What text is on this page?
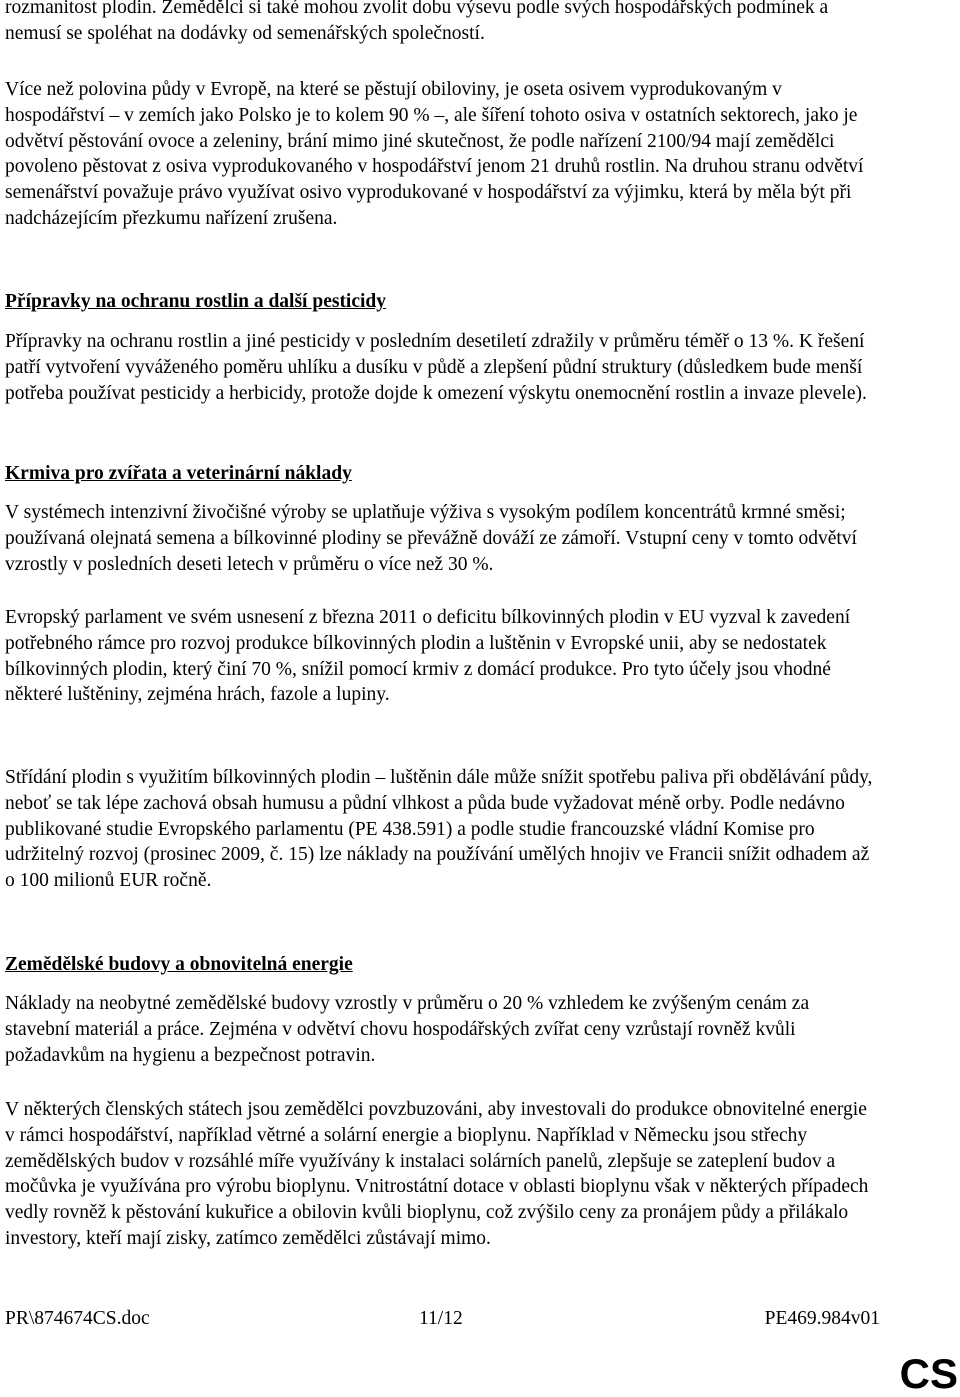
rozmanitost plodin. Zemědělci si také mohou zvolit dobu výsevu podle svých hospodářských podmínek a nemusí se spoléhat na dodávky od semenářských společností.

Více než polovina půdy v Evropě, na které se pěstují obiloviny, je oseta osivem vyprodukovaným v hospodářství – v zemích jako Polsko je to kolem 90 % –, ale šíření tohoto osiva v ostatních sektorech, jako je odvětví pěstování ovoce a zeleniny, brání mimo jiné skutečnost, že podle nařízení 2100/94 mají zemědělci povoleno pěstovat z osiva vyprodukovaného v hospodářství jenom 21 druhů rostlin. Na druhou stranu odvětví semenářství považuje právo využívat osivo vyprodukované v hospodářství za výjimku, která by měla být při nadcházejícím přezkumu nařízení zrušena.

Přípravky na ochranu rostlin a další pesticidy

Přípravky na ochranu rostlin a jiné pesticidy v posledním desetiletí zdražily v průměru téměř o 13 %. K řešení patří vytvoření vyváženého poměru uhlíku a dusíku v půdě a zlepšení půdní struktury (důsledkem bude menší potřeba používat pesticidy a herbicidy, protože dojde k omezení výskytu onemocnění rostlin a invaze plevele).

Krmiva pro zvířata a veterinární náklady

V systémech intenzivní živočišné výroby se uplatňuje výživa s vysokým podílem koncentrátů krmné směsi; používaná olejnatá semena a bílkovinné plodiny se převážně dováží ze zámoří. Vstupní ceny v tomto odvětví vzrostly v posledních deseti letech v průměru o více než 30 %.

Evropský parlament ve svém usnesení z března 2011 o deficitu bílkovinných plodin v EU vyzval k zavedení potřebného rámce pro rozvoj produkce bílkovinných plodin a luštěnin v Evropské unii, aby se nedostatek bílkovinných plodin, který činí 70 %, snížil pomocí krmiv z domácí produkce. Pro tyto účely jsou vhodné některé luštěniny, zejména hrách, fazole a lupiny.

Střídání plodin s využitím bílkovinných plodin – luštěnin dále může snížit spotřebu paliva při obdělávání půdy, neboť se tak lépe zachová obsah humusu a půdní vlhkost a půda bude vyžadovat méně orby. Podle nedávno publikované studie Evropského parlamentu (PE 438.591) a podle studie francouzské vládní Komise pro udržitelný rozvoj (prosinec 2009, č. 15) lze náklady na používání umělých hnojiv ve Francii snížit odhadem až o 100 milionů EUR ročně.

Zemědělské budovy a obnovitelná energie

Náklady na neobytné zemědělské budovy vzrostly v průměru o 20 % vzhledem ke zvýšeným cenám za stavební materiál a práce. Zejména v odvětví chovu hospodářských zvířat ceny vzrůstají rovněž kvůli požadavkům na hygienu a bezpečnost potravin.

V některých členských státech jsou zemědělci povzbuzováni, aby investovali do produkce obnovitelné energie v rámci hospodářství, například větrné a solární energie a bioplynu. Například v Německu jsou střechy zemědělských budov v rozsáhlé míře využívány k instalaci solárních panelů, zlepšuje se zateplení budov a močůvka je využívána pro výrobu bioplynu. Vnitrostátní dotace v oblasti bioplynu však v některých případech vedly rovněž k pěstování kukuřice a obilovin kvůli bioplynu, což zvýšilo ceny za pronájem půdy a přilákalo investory, kteří mají zisky, zatímco zemědělci zůstávají mimo.

PR\874674CS.doc	11/12	PE469.984v01
CS
